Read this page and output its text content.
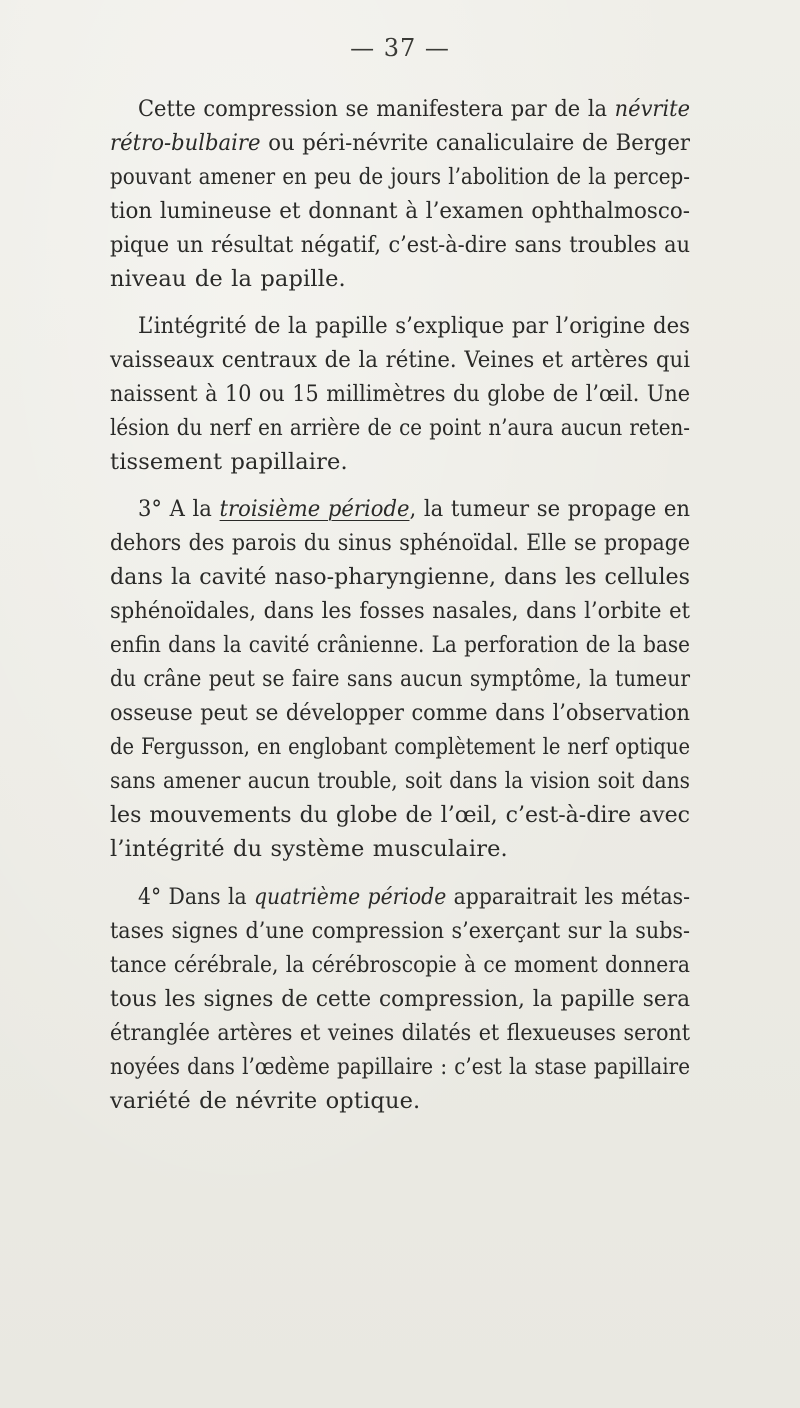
— 37 —
Cette compression se manifestera par de la névrite
rétro-bulbaire ou péri-névrite canaliculaire de Berger
pouvant amener en peu de jours l’abolition de la percep-
tion lumineuse et donnant à l’examen ophthalmosco-
pique un résultat négatif, c’est-à-dire sans troubles au
niveau de la papille.
L’intégrité de la papille s’explique par l’origine des
vaisseaux centraux de la rétine. Veines et artères qui
naissent à 10 ou 15 millimètres du globe de l’œil. Une
lésion du nerf en arrière de ce point n’aura aucun reten-
tissement papillaire.
3° A la troisième période, la tumeur se propage en
dehors des parois du sinus sphénoïdal. Elle se propage
dans la cavité naso-pharyngienne, dans les cellules
sphénoïdales, dans les fosses nasales, dans l’orbite et
enfin dans la cavité crânienne. La perforation de la base
du crâne peut se faire sans aucun symptôme, la tumeur
osseuse peut se développer comme dans l’observation
de Fergusson, en englobant complètement le nerf optique
sans amener aucun trouble, soit dans la vision soit dans
les mouvements du globe de l’œil, c’est-à-dire avec
l’intégrité du système musculaire.
4° Dans la quatrième période apparaitrait les métas-
tases signes d’une compression s’exerçant sur la subs-
tance cérébrale, la cérébroscopie à ce moment donnera
tous les signes de cette compression, la papille sera
étranglée artères et veines dilatés et flexueuses seront
noyées dans l’œdème papillaire : c’est la stase papillaire
variété de névrite optique.
